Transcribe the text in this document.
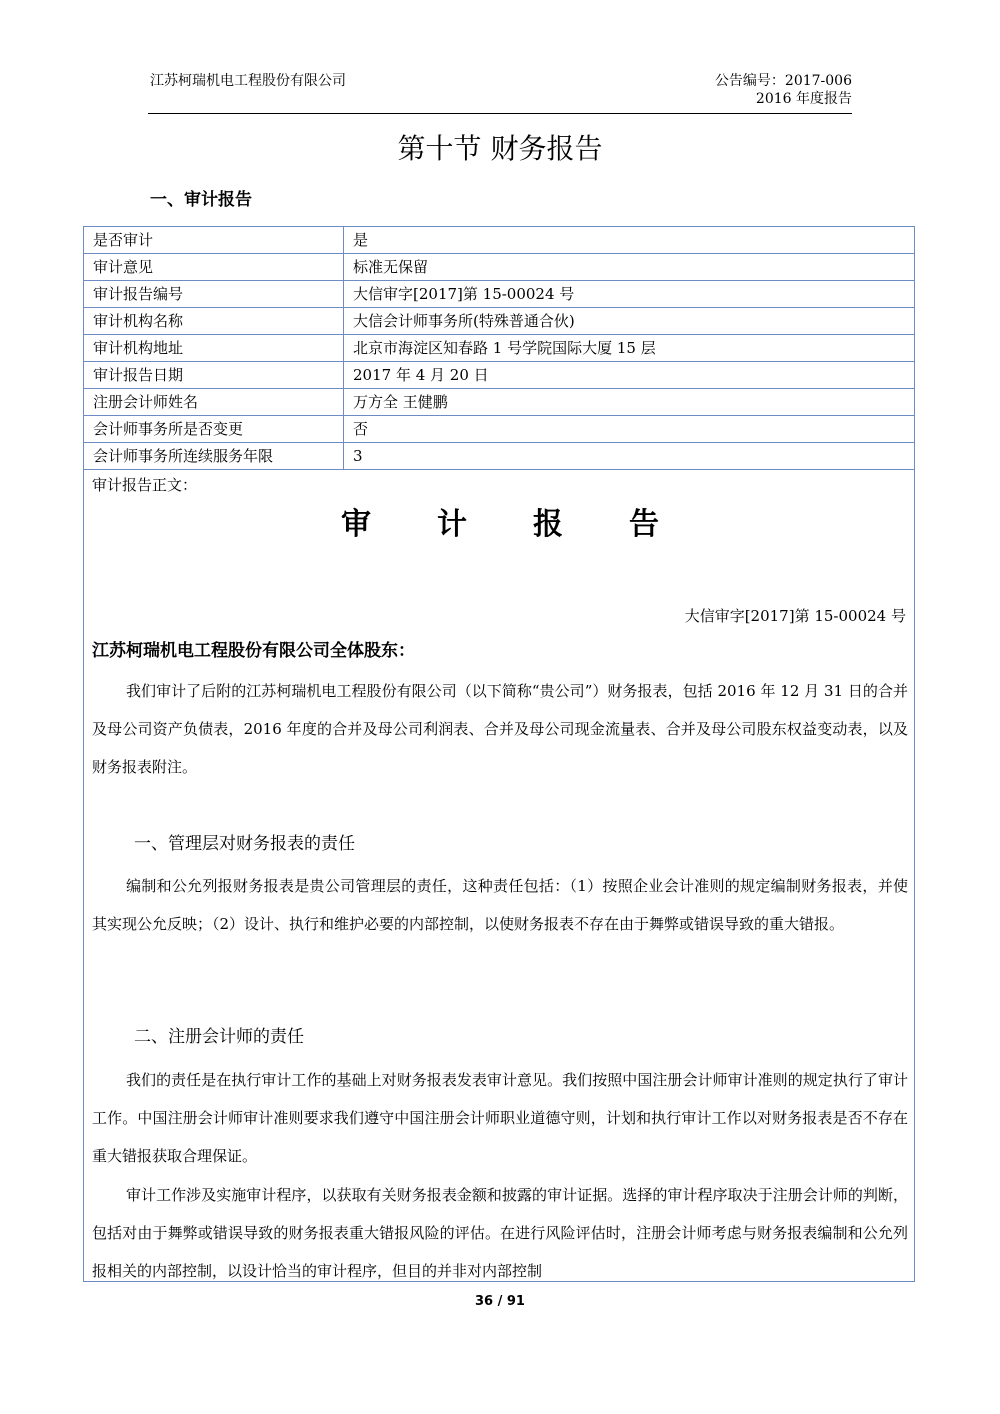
江苏柯瑞机电工程股份有限公司	公告编号：2017-006
2016 年度报告
第十节 财务报告
一、审计报告
是否审计	是
审计意见	标准无保留
审计报告编号	大信审字[2017]第 15-00024 号
审计机构名称	大信会计师事务所(特殊普通合伙)
审计机构地址	北京市海淀区知春路 1 号学院国际大厦 15 层
审计报告日期	2017 年 4 月 20 日
注册会计师姓名	万方全 王健鹏
会计师事务所是否变更	否
会计师事务所连续服务年限	3
审计报告正文：
审 计 报 告
大信审字[2017]第 15-00024 号
江苏柯瑞机电工程股份有限公司全体股东：
我们审计了后附的江苏柯瑞机电工程股份有限公司（以下简称“贵公司”）财务报表，包括 2016 年 12 月 31 日的合并及母公司资产负债表，2016 年度的合并及母公司利润表、合并及母公司现金流量表、合并及母公司股东权益变动表，以及财务报表附注。
一、管理层对财务报表的责任
编制和公允列报财务报表是贵公司管理层的责任，这种责任包括：（1）按照企业会计准则的规定编制财务报表，并使其实现公允反映；（2）设计、执行和维护必要的内部控制，以使财务报表不存在由于舞弊或错误导致的重大错报。
二、注册会计师的责任
我们的责任是在执行审计工作的基础上对财务报表发表审计意见。我们按照中国注册会计师审计准则的规定执行了审计工作。中国注册会计师审计准则要求我们遵守中国注册会计师职业道德守则，计划和执行审计工作以对财务报表是否不存在重大错报获取合理保证。
审计工作涉及实施审计程序，以获取有关财务报表金额和披露的审计证据。选择的审计程序取决于注册会计师的判断，包括对由于舞弊或错误导致的财务报表重大错报风险的评估。在进行风险评估时，注册会计师考虑与财务报表编制和公允列报相关的内部控制，以设计恰当的审计程序，但目的并非对内部控制
36 / 91
